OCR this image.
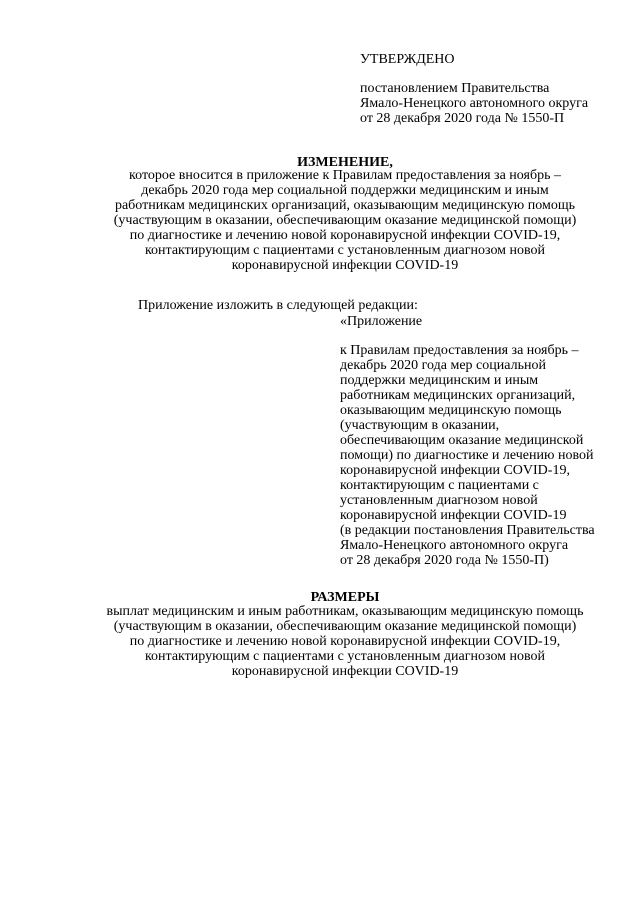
УТВЕРЖДЕНО
постановлением Правительства
Ямало-Ненецкого автономного округа
от 28 декабря 2020 года № 1550-П
ИЗМЕНЕНИЕ,
которое вносится в приложение к Правилам предоставления за ноябрь –
декабрь 2020 года мер социальной поддержки медицинским и иным
работникам медицинских организаций, оказывающим медицинскую помощь
(участвующим в оказании, обеспечивающим оказание медицинской помощи)
по диагностике и лечению новой коронавирусной инфекции COVID-19,
контактирующим с пациентами с установленным диагнозом новой
коронавирусной инфекции COVID-19
Приложение изложить в следующей редакции:
«Приложение
к Правилам предоставления за ноябрь –
декабрь 2020 года мер социальной
поддержки медицинским и иным
работникам медицинских организаций,
оказывающим медицинскую помощь
(участвующим в оказании,
обеспечивающим оказание медицинской
помощи) по диагностике и лечению новой
коронавирусной инфекции COVID-19,
контактирующим с пациентами с
установленным диагнозом новой
коронавирусной инфекции COVID-19
(в редакции постановления Правительства
Ямало-Ненецкого автономного округа
от 28 декабря 2020 года № 1550-П)
РАЗМЕРЫ
выплат медицинским и иным работникам, оказывающим медицинскую помощь
(участвующим в оказании, обеспечивающим оказание медицинской помощи)
по диагностике и лечению новой коронавирусной инфекции COVID-19,
контактирующим с пациентами с установленным диагнозом новой
коронавирусной инфекции COVID-19
